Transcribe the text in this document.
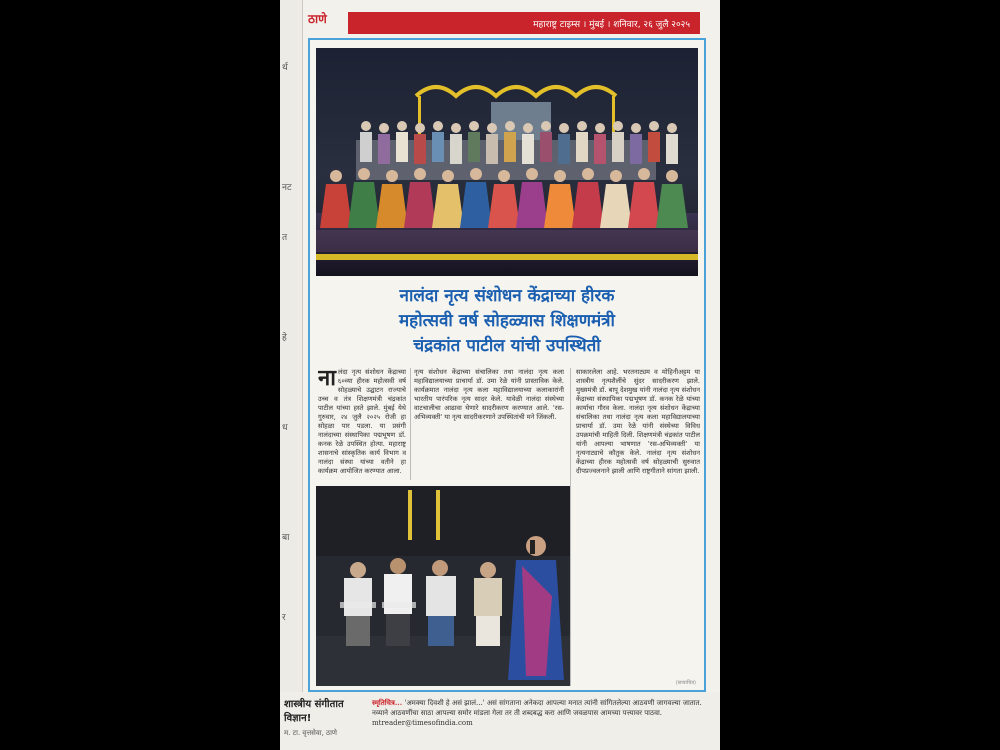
र्थ
नट
त
हे
ध
बा
र
ठाणे	महाराष्ट्र टाइम्स । मुंबई । शनिवार, २६ जुलै २०२५
नालंदा नृत्य संशोधन केंद्राच्या हीरक
महोत्सवी वर्ष सोहळ्यास शिक्षणमंत्री
चंद्रकांत पाटील यांची उपस्थिती
नालंदा नृत्य संशोधन केंद्राच्या ६०व्या हीरक महोत्सवी वर्ष सोहळ्याचे उद्घाटन राज्याचे उच्च व तंत्र शिक्षणमंत्री चंद्रकांत पाटील यांच्या हस्ते झाले. मुंबई येथे गुरुवार, २४ जुलै २०२५ रोजी हा सोहळा पार पडला. या प्रसंगी नालंदाच्या संस्थापिका पद्मभूषण डॉ. कनक रेळे उपस्थित होत्या. महाराष्ट्र शासनाचे सांस्कृतिक कार्य विभाग व नालंदा संस्था यांच्या वतीने हा कार्यक्रम आयोजित करण्यात आला.
नृत्य संशोधन केंद्राच्या संचालिका तथा नालंदा नृत्य कला महाविद्यालयाच्या प्राचार्या डॉ. उमा रेळे यांनी प्रास्ताविक केले. कार्यक्रमात नालंदा नृत्य कला महाविद्यालयाच्या कलाकारांनी भारतीय पारंपरिक नृत्य सादर केले. यावेळी नालंदा संस्थेच्या वाटचालीचा आढावा घेणारे सादरीकरण करण्यात आले. 'रस-अभिव्यक्ती' या नृत्य सादरीकरणाने उपस्थितांची मने जिंकली.
साकारलेला आहे. भरतनाट्यम व मोहिनीअट्टम या शास्त्रीय नृत्यशैलींचे सुंदर सादरीकरण झाले. मुख्यमंत्री डॉ. बापू देशमुख यांनी नालंदा नृत्य संशोधन केंद्राच्या संस्थापिका पद्मभूषण डॉ. कनक रेळे यांच्या कार्याचा गौरव केला. नालंदा नृत्य संशोधन केंद्राच्या संचालिका तथा नालंदा नृत्य कला महाविद्यालयाच्या प्राचार्या डॉ. उमा रेळे यांनी संस्थेच्या विविध उपक्रमांची माहिती दिली. शिक्षणमंत्री चंद्रकांत पाटील यांनी आपल्या भाषणात 'रस-अभिव्यक्ती' या नृत्यनाट्याचे कौतुक केले. नालंदा नृत्य संशोधन केंद्राच्या हीरक महोत्सवी वर्ष सोहळ्याची सुरुवात दीपप्रज्वलनाने झाली आणि राष्ट्रगीताने सांगता झाली.
(छायाचित्र)
शास्त्रीय संगीतात विज्ञान!
म. टा. वृत्तसेवा, ठाणे
स्मृतिचित्र... 'अमक्या दिवशी हे असं झालं...' असं सांगताना अनेकदा आपल्या मनात त्यांनी सांगितलेल्या आठवणी जागवल्या जातात. नव्याने आठवणींचा साठा आपल्या समोर मांडला गेला तर ती शब्दबद्ध करा आणि जवळपास आमच्या पत्त्यावर पाठवा. mtreader@timesofindia.com
